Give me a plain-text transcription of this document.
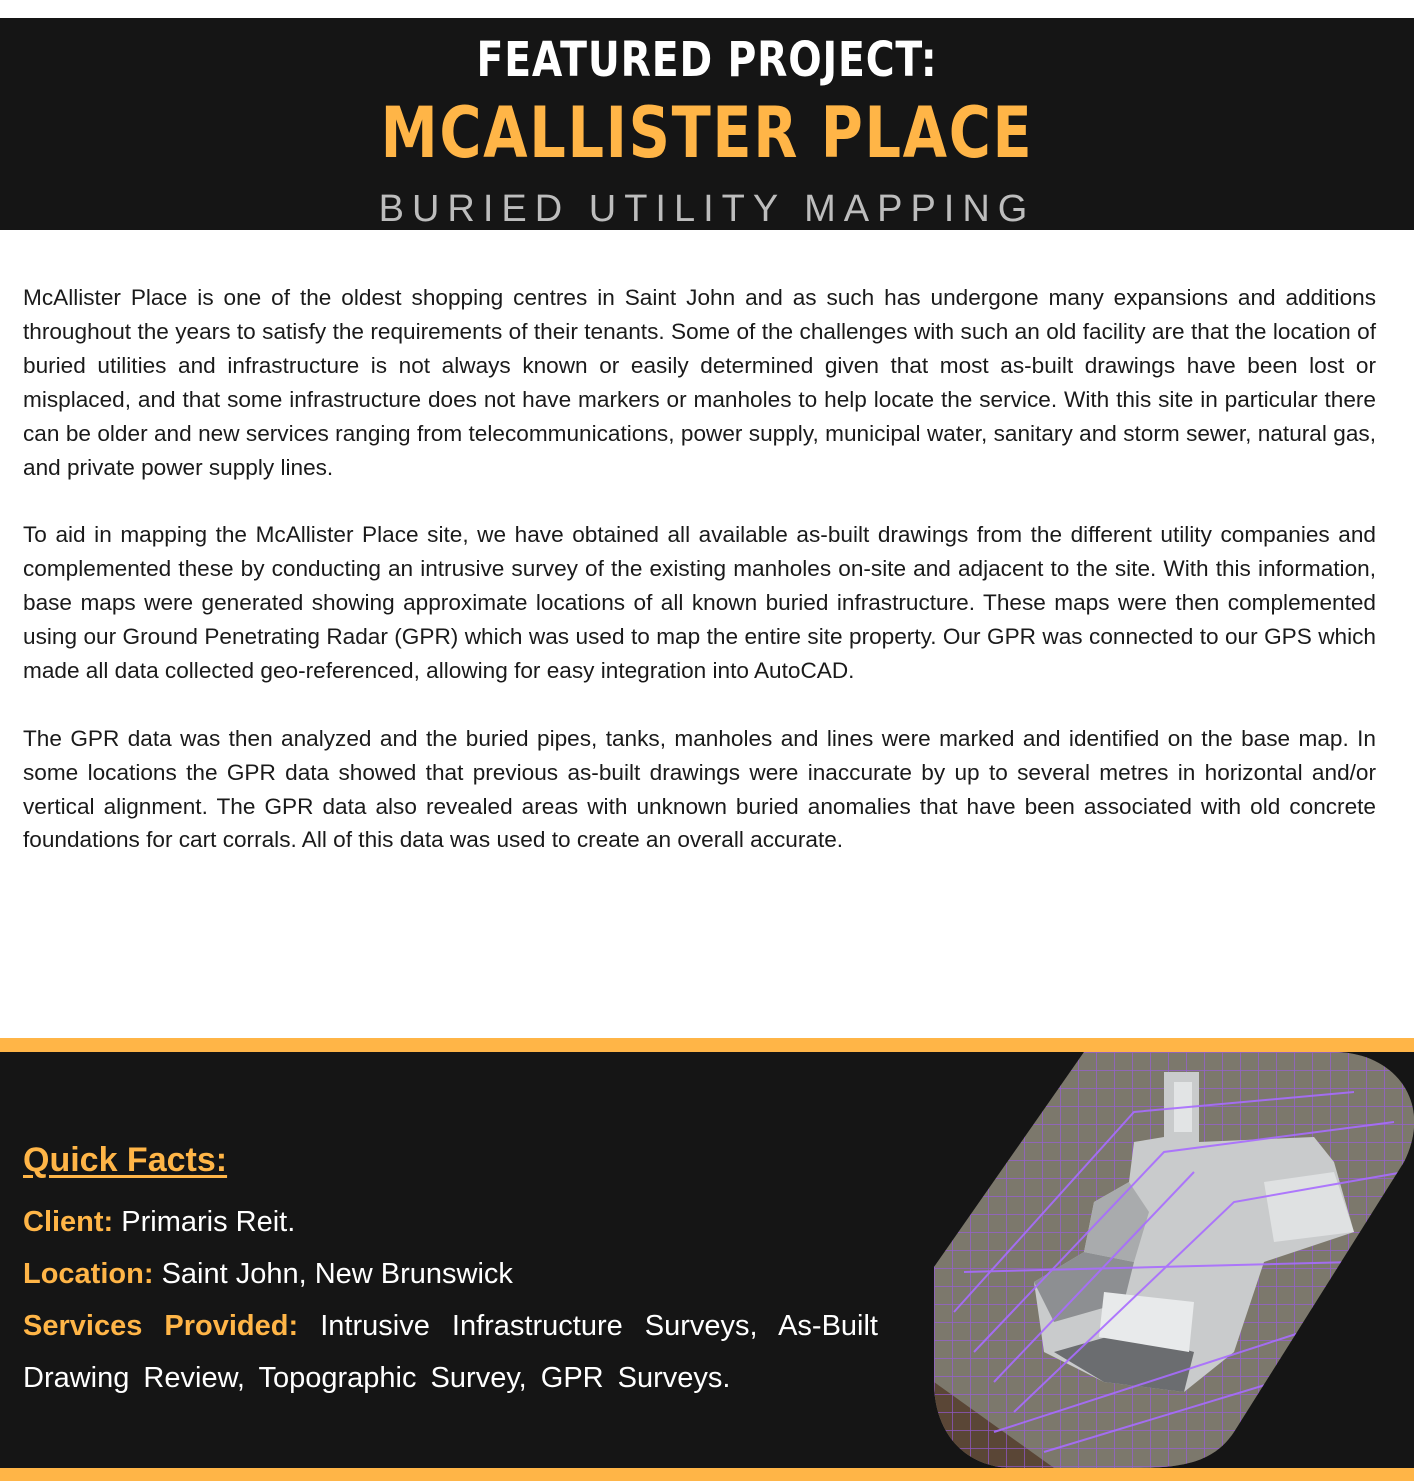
FEATURED PROJECT:
MCALLISTER PLACE
BURIED UTILITY MAPPING

McAllister Place is one of the oldest shopping centres in Saint John and as such has undergone many expansions and additions throughout the years to satisfy the requirements of their tenants. Some of the challenges with such an old facility are that the location of buried utilities and infrastructure is not always known or easily determined given that most as-built drawings have been lost or misplaced, and that some infrastructure does not have markers or manholes to help locate the service. With this site in particular there can be older and new services ranging from telecommunications, power supply, municipal water, sanitary and storm sewer, natural gas, and private power supply lines.

To aid in mapping the McAllister Place site, we have obtained all available as-built drawings from the different utility companies and complemented these by conducting an intrusive survey of the existing manholes on-site and adjacent to the site. With this information, base maps were generated showing approximate locations of all known buried infrastructure. These maps were then complemented using our Ground Penetrating Radar (GPR) which was used to map the entire site property. Our GPR was connected to our GPS which made all data collected geo-referenced, allowing for easy integration into AutoCAD.

The GPR data was then analyzed and the buried pipes, tanks, manholes and lines were marked and identified on the base map. In some locations the GPR data showed that previous as-built drawings were inaccurate by up to several metres in horizontal and/or vertical alignment. The GPR data also revealed areas with unknown buried anomalies that have been associated with old concrete foundations for cart corrals. All of this data was used to create an overall accurate.

Quick Facts:
Client: Primaris Reit.
Location: Saint John, New Brunswick
Services Provided: Intrusive Infrastructure Surveys, As-Built Drawing Review, Topographic Survey, GPR Surveys.
